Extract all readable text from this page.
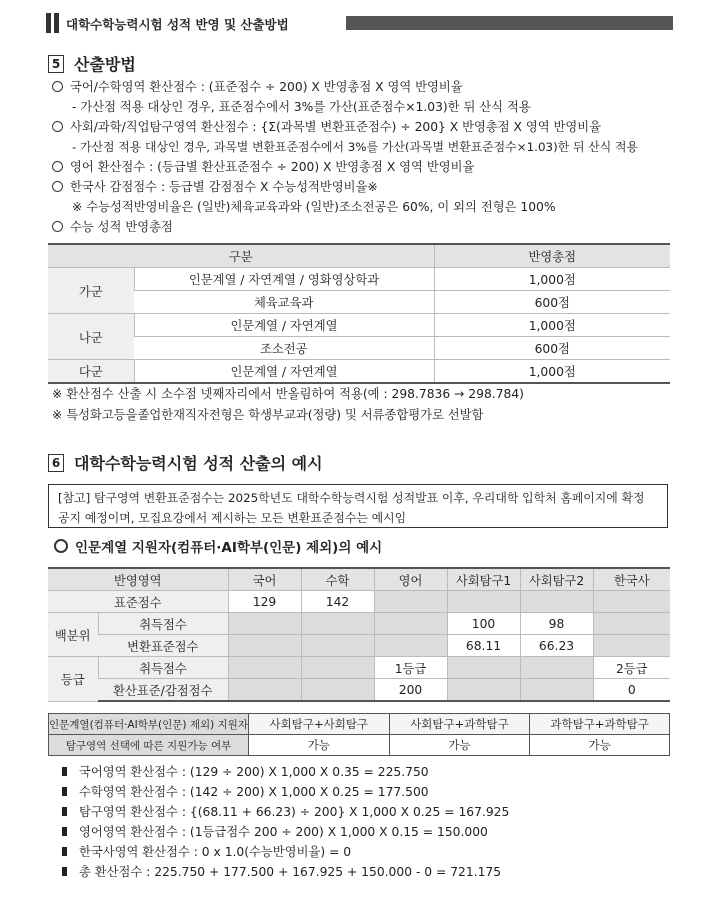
대학수학능력시험 성적 반영 및 산출방법
5 산출방법
국어/수학영역 환산점수 : (표준점수 ÷ 200) X 반영총점 X 영역 반영비율
- 가산점 적용 대상인 경우, 표준점수에서 3%를 가산(표준점수×1.03)한 뒤 산식 적용
사회/과학/직업탐구영역 환산점수 : {Σ(과목별 변환표준점수) ÷ 200} X 반영총점 X 영역 반영비율
- 가산점 적용 대상인 경우, 과목별 변환표준점수에서 3%를 가산(과목별 변환표준점수×1.03)한 뒤 산식 적용
영어 환산점수 : (등급별 환산표준점수 ÷ 200) X 반영총점 X 영역 반영비율
한국사 감점점수 : 등급별 감점점수 X 수능성적반영비율※
※ 수능성적반영비율은 (일반)체육교육과와 (일반)조소전공은 60%, 이 외의 전형은 100%
수능 성적 반영총점
구분		반영총점
가군	인문계열 / 자연계열 / 영화영상학과	1,000점
	체육교육과	600점
나군	인문계열 / 자연계열	1,000점
	조소전공	600점
다군	인문계열 / 자연계열	1,000점
※ 환산점수 산출 시 소수점 넷째자리에서 반올림하여 적용(예 : 298.7836 → 298.784)
※ 특성화고등을졸업한재직자전형은 학생부교과(정량) 및 서류종합평가로 선발함
6 대학수학능력시험 성적 산출의 예시
[참고] 탐구영역 변환표준점수는 2025학년도 대학수학능력시험 성적발표 이후, 우리대학 입학처 홈페이지에 확정
공지 예정이며, 모집요강에서 제시하는 모든 변환표준점수는 예시임
인문계열 지원자(컴퓨터·AI학부(인문) 제외)의 예시
반영영역		국어	수학	영어	사회탐구1	사회탐구2	한국사
표준점수		129	142				
백분위	취득점수				100	98	
	변환표준점수				68.11	66.23	
등급	취득점수			1등급			2등급
	환산표준/감점점수			200			0
인문계열(컴퓨터·AI학부(인문) 제외) 지원자	사회탐구+사회탐구	사회탐구+과학탐구	과학탐구+과학탐구
탐구영역 선택에 따른 지원가능 여부	가능	가능	가능
국어영역 환산점수 : (129 ÷ 200) X 1,000 X 0.35 = 225.750
수학영역 환산점수 : (142 ÷ 200) X 1,000 X 0.25 = 177.500
탐구영역 환산점수 : {(68.11 + 66.23) ÷ 200} X 1,000 X 0.25 = 167.925
영어영역 환산점수 : (1등급점수 200 ÷ 200) X 1,000 X 0.15 = 150.000
한국사영역 환산점수 : 0 x 1.0(수능반영비율) = 0
총 환산점수 : 225.750 + 177.500 + 167.925 + 150.000 - 0 = 721.175
